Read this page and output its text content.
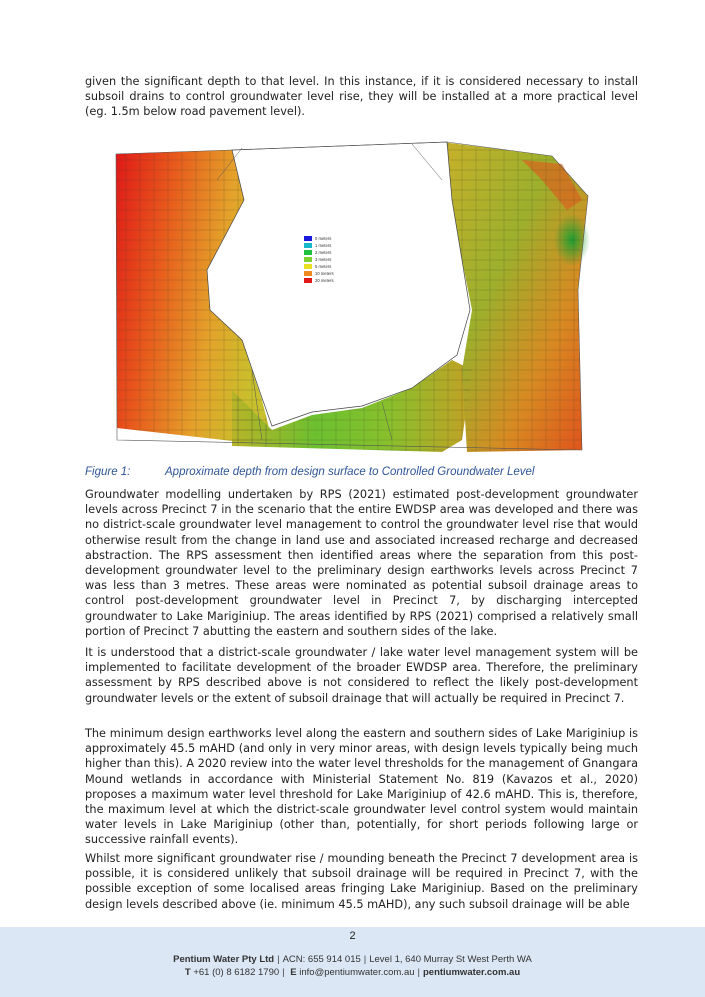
given the significant depth to that level. In this instance, if it is considered necessary to install subsoil drains to control groundwater level rise, they will be installed at a more practical level (eg. 1.5m below road pavement level).

0 meters
1 meters
2 meters
3 meters
5 meters
10 meters
20 meters
Figure 1:	Approximate depth from design surface to Controlled Groundwater Level

Groundwater modelling undertaken by RPS (2021) estimated post-development groundwater levels across Precinct 7 in the scenario that the entire EWDSP area was developed and there was no district-scale groundwater level management to control the groundwater level rise that would otherwise result from the change in land use and associated increased recharge and decreased abstraction. The RPS assessment then identified areas where the separation from this post-development groundwater level to the preliminary design earthworks levels across Precinct 7 was less than 3 metres. These areas were nominated as potential subsoil drainage areas to control post-development groundwater level in Precinct 7, by discharging intercepted groundwater to Lake Mariginiup. The areas identified by RPS (2021) comprised a relatively small portion of Precinct 7 abutting the eastern and southern sides of the lake.

It is understood that a district-scale groundwater / lake water level management system will be implemented to facilitate development of the broader EWDSP area. Therefore, the preliminary assessment by RPS described above is not considered to reflect the likely post-development groundwater levels or the extent of subsoil drainage that will actually be required in Precinct 7.

The minimum design earthworks level along the eastern and southern sides of Lake Mariginiup is approximately 45.5 mAHD (and only in very minor areas, with design levels typically being much higher than this). A 2020 review into the water level thresholds for the management of Gnangara Mound wetlands in accordance with Ministerial Statement No. 819 (Kavazos et al., 2020) proposes a maximum water level threshold for Lake Mariginiup of 42.6 mAHD. This is, therefore, the maximum level at which the district-scale groundwater level control system would maintain water levels in Lake Mariginiup (other than, potentially, for short periods following large or successive rainfall events).

Whilst more significant groundwater rise / mounding beneath the Precinct 7 development area is possible, it is considered unlikely that subsoil drainage will be required in Precinct 7, with the possible exception of some localised areas fringing Lake Mariginiup. Based on the preliminary design levels described above (ie. minimum 45.5 mAHD), any such subsoil drainage will be able

2
Pentium Water Pty Ltd | ACN: 655 914 015 | Level 1, 640 Murray St West Perth WA
T +61 (0) 8 6182 1790 | E info@pentiumwater.com.au | pentiumwater.com.au
